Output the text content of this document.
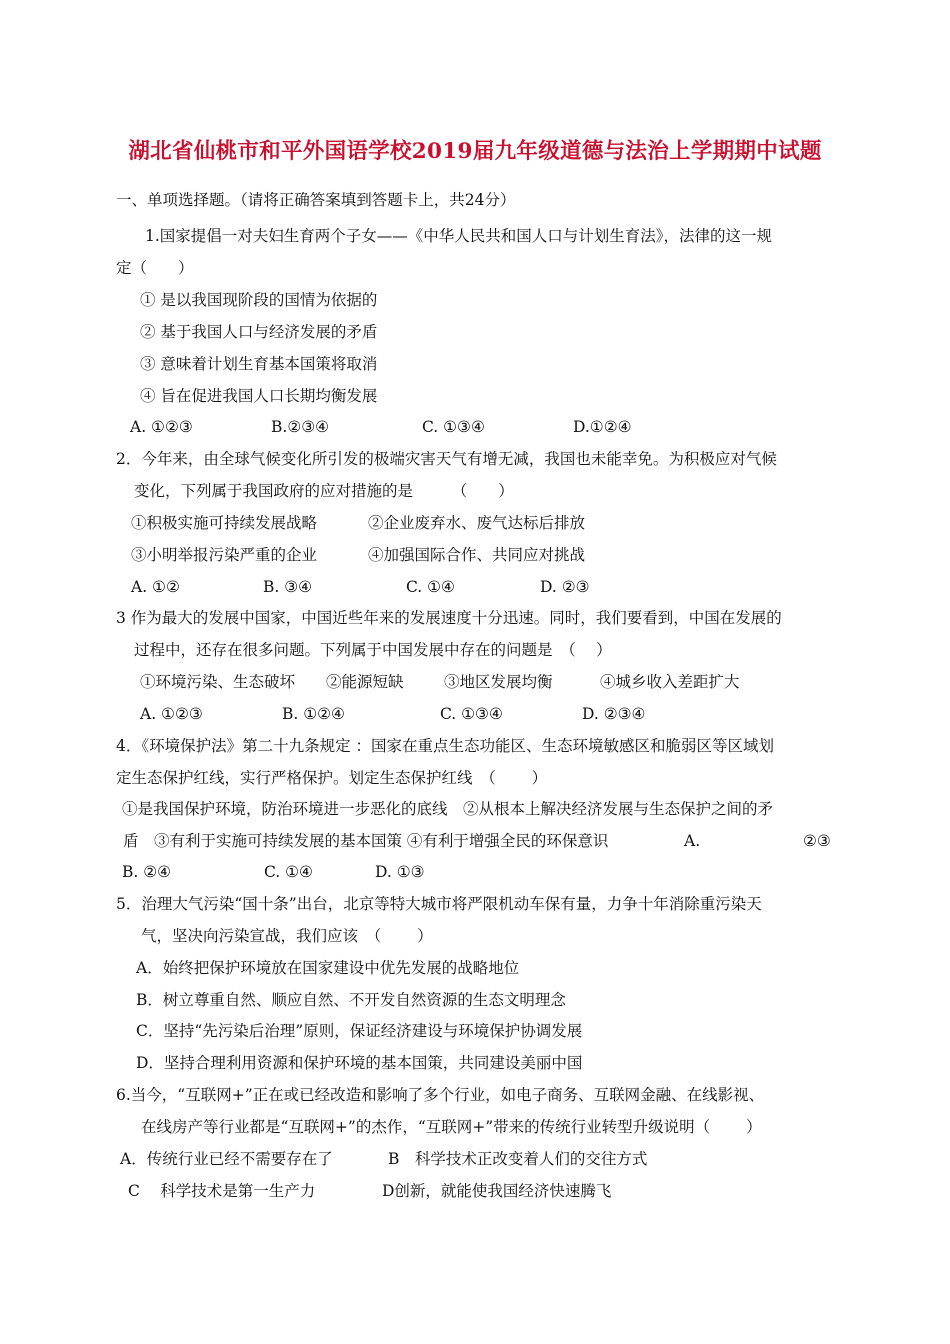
湖北省仙桃市和平外国语学校2019届九年级道德与法治上学期期中试题
一、单项选择题。（请将正确答案填到答题卡上，共24分）
1.国家提倡一对夫妇生育两个子女——《中华人民共和国人口与计划生育法》，法律的这一规
定（　　）
① 是以我国现阶段的国情为依据的
② 基于我国人口与经济发展的矛盾
③ 意味着计划生育基本国策将取消
④ 旨在促进我国人口长期均衡发展
A. ①②③	B.②③④	C. ①③④	D.①②④
2．今年来，由全球气候变化所引发的极端灾害天气有增无减，我国也未能幸免。为积极应对气候
变化，下列属于我国政府的应对措施的是　　　（　　）
①积极实施可持续发展战略	②企业废弃水、废气达标后排放
③小明举报污染严重的企业	④加强国际合作、共同应对挑战
A. ①②	B. ③④	C. ①④	D. ②③
3 作为最大的发展中国家，中国近些年来的发展速度十分迅速。同时，我们要看到，中国在发展的
过程中，还存在很多问题。下列属于中国发展中存在的问题是　（　 ）
①环境污染、生态破坏 ②能源短缺	③地区发展均衡	④城乡收入差距扩大
A. ①②③	B. ①②④	C. ①③④	D. ②③④
4．《环境保护法》第二十九条规定 ：国家在重点生态功能区、生态环境敏感区和脆弱区等区域划
定生态保护红线，实行严格保护。划定生态保护红线　（　　 ）
①是我国保护环境，防治环境进一步恶化的底线　②从根本上解决经济发展与生态保护之间的矛
盾　③有利于实施可持续发展的基本国策 ④有利于增强全民的环保意识	A.	②③
B. ②④	C. ①④	D. ①③
5．治理大气污染“国十条”出台，北京等特大城市将严限机动车保有量，力争十年消除重污染天
气，坚决向污染宣战，我们应该　（　　 ）
A．始终把保护环境放在国家建设中优先发展的战略地位
B．树立尊重自然、顺应自然、不开发自然资源的生态文明理念
C．坚持“先污染后治理”原则，保证经济建设与环境保护协调发展
D．坚持合理利用资源和保护环境的基本国策，共同建设美丽中国
6.当今，“互联网+”正在或已经改造和影响了多个行业，如电子商务、互联网金融、在线影视、
在线房产等行业都是“互联网+”的杰作，“互联网+”带来的传统行业转型升级说明（　　 ）
A．传统行业已经不需要存在了	B　科学技术正改变着人们的交往方式
C　 科学技术是第一生产力	D创新，就能使我国经济快速腾飞
